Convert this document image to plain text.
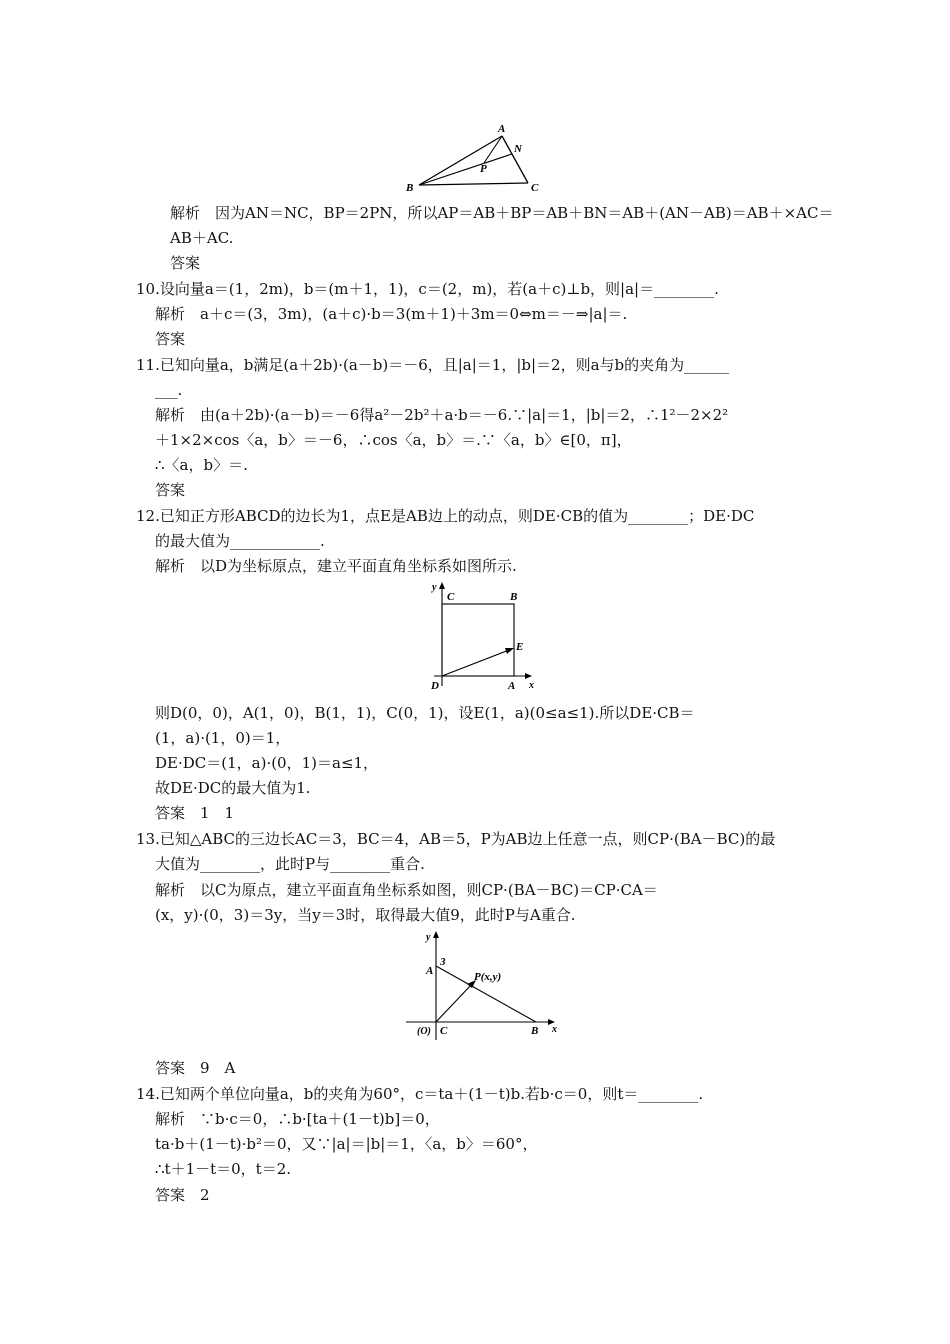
A
N
P
B	C
解析　因为AN＝NC，BP＝2PN，所以AP＝AB＋BP＝AB＋BN＝AB＋(AN－AB)＝AB＋×AC＝
AB＋AC.
答案
10.设向量a＝(1，2m)，b＝(m＋1，1)，c＝(2，m)，若(a＋c)⊥b，则|a|＝________.
解析　a＋c＝(3，3m)，(a＋c)·b＝3(m＋1)＋3m＝0⇔m＝－⇒|a|＝.
答案
11.已知向量a，b满足(a＋2b)·(a－b)＝－6，且|a|＝1，|b|＝2，则a与b的夹角为______
___.
解析　由(a＋2b)·(a－b)＝－6得a²－2b²＋a·b＝－6.∵|a|＝1，|b|＝2，∴1²－2×2²
＋1×2×cos〈a，b〉＝－6，∴cos〈a，b〉＝.∵〈a，b〉∈[0，π]，
∴〈a，b〉＝.
答案
12.已知正方形ABCD的边长为1，点E是AB边上的动点，则DE·CB的值为________；DE·DC
的最大值为____________.
解析　以D为坐标原点，建立平面直角坐标系如图所示.
y
C	B
E
D	A x
则D(0，0)，A(1，0)，B(1，1)，C(0，1)，设E(1，a)(0≤a≤1).所以DE·CB＝
(1，a)·(1，0)＝1，
DE·DC＝(1，a)·(0，1)＝a≤1，
故DE·DC的最大值为1.
答案　1　1
13.已知△ABC的三边长AC＝3，BC＝4，AB＝5，P为AB边上任意一点，则CP·(BA－BC)的最
大值为________，此时P与________重合.
解析　以C为原点，建立平面直角坐标系如图，则CP·(BA－BC)＝CP·CA＝
(x，y)·(0，3)＝3y，当y＝3时，取得最大值9，此时P与A重合.
y
A
3
P(x,y)
(O) C	B x
答案　9　A
14.已知两个单位向量a，b的夹角为60°，c＝ta＋(1－t)b.若b·c＝0，则t＝________.
解析　∵b·c＝0，∴b·[ta＋(1－t)b]＝0，
ta·b＋(1－t)·b²＝0，又∵|a|＝|b|＝1，〈a，b〉＝60°，
∴t＋1－t＝0，t＝2.
答案　2
